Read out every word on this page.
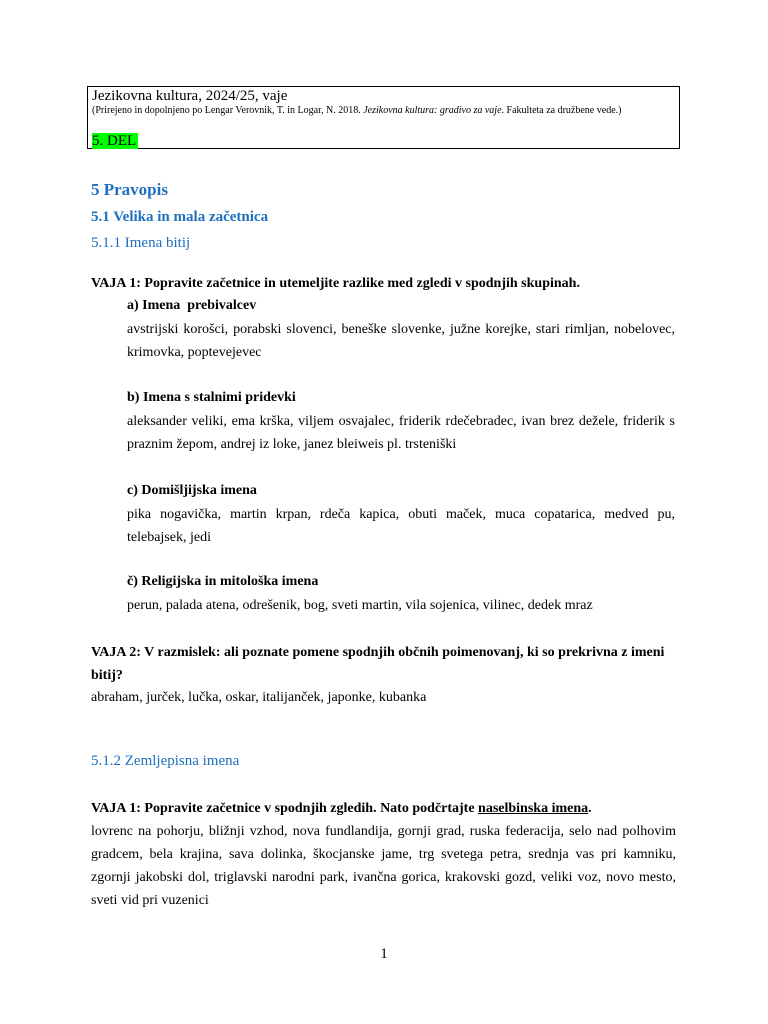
Jezikovna kultura, 2024/25, vaje
(Prirejeno in dopolnjeno po Lengar Verovnik, T. in Logar, N. 2018. Jezikovna kultura: gradivo za vaje. Fakulteta za družbene vede.)
5. DEL
5 Pravopis
5.1 Velika in mala začetnica
5.1.1 Imena bitij
VAJA 1: Popravite začetnice in utemeljite razlike med zgledi v spodnjih skupinah.
a) Imena  prebivalcev
avstrijski korošci, porabski slovenci, beneške slovenke, južne korejke, stari rimljan, nobelovec, krimovka, poptevejevec
b) Imena s stalnimi pridevki
aleksander veliki, ema krška, viljem osvajalec, friderik rdečebradec, ivan brez dežele, friderik s praznim žepom, andrej iz loke, janez bleiweis pl. trsteniški
c) Domišljijska imena
pika nogavička, martin krpan, rdeča kapica, obuti maček, muca copatarica, medved pu, telebajsek, jedi
č) Religijska in mitološka imena
perun, palada atena, odrešenik, bog, sveti martin, vila sojenica, vilinec, dedek mraz
VAJA 2: V razmislek: ali poznate pomene spodnjih občnih poimenovanj, ki so prekrivna z imeni bitij?
abraham, jurček, lučka, oskar, italijanček, japonke, kubanka
5.1.2 Zemljepisna imena
VAJA 1: Popravite začetnice v spodnjih zgledih. Nato podčrtajte naselbinska imena.
lovrenc na pohorju, bližnji vzhod, nova fundlandija, gornji grad, ruska federacija, selo nad polhovim gradcem, bela krajina, sava dolinka, škocjanske jame, trg svetega petra, srednja vas pri kamniku, zgornji jakobski dol, triglavski narodni park, ivančna gorica, krakovski gozd, veliki voz, novo mesto, sveti vid pri vuzenici
1
